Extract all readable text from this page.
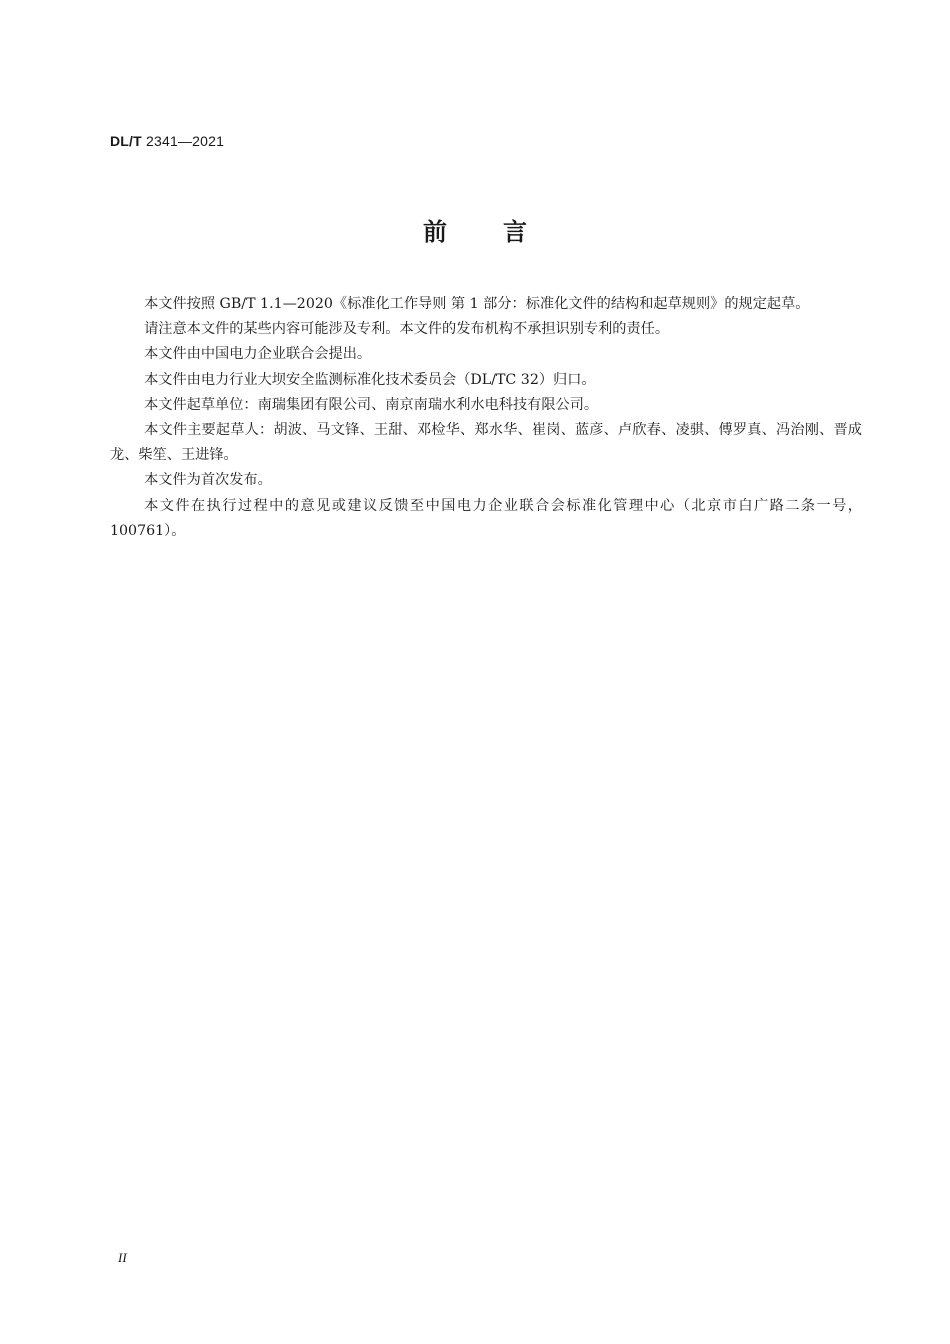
DL/T 2341—2021
前 言

本文件按照 GB/T 1.1—2020《标准化工作导则 第 1 部分：标准化文件的结构和起草规则》的规定起草。

请注意本文件的某些内容可能涉及专利。本文件的发布机构不承担识别专利的责任。

本文件由中国电力企业联合会提出。

本文件由电力行业大坝安全监测标准化技术委员会（DL/TC 32）归口。

本文件起草单位：南瑞集团有限公司、南京南瑞水利水电科技有限公司。

本文件主要起草人：胡波、马文锋、王甜、邓检华、郑水华、崔岗、蓝彦、卢欣春、凌骐、傅罗真、冯治刚、晋成龙、柴笙、王进锋。

本文件为首次发布。

本文件在执行过程中的意见或建议反馈至中国电力企业联合会标准化管理中心（北京市白广路二条一号，100761）。

II
